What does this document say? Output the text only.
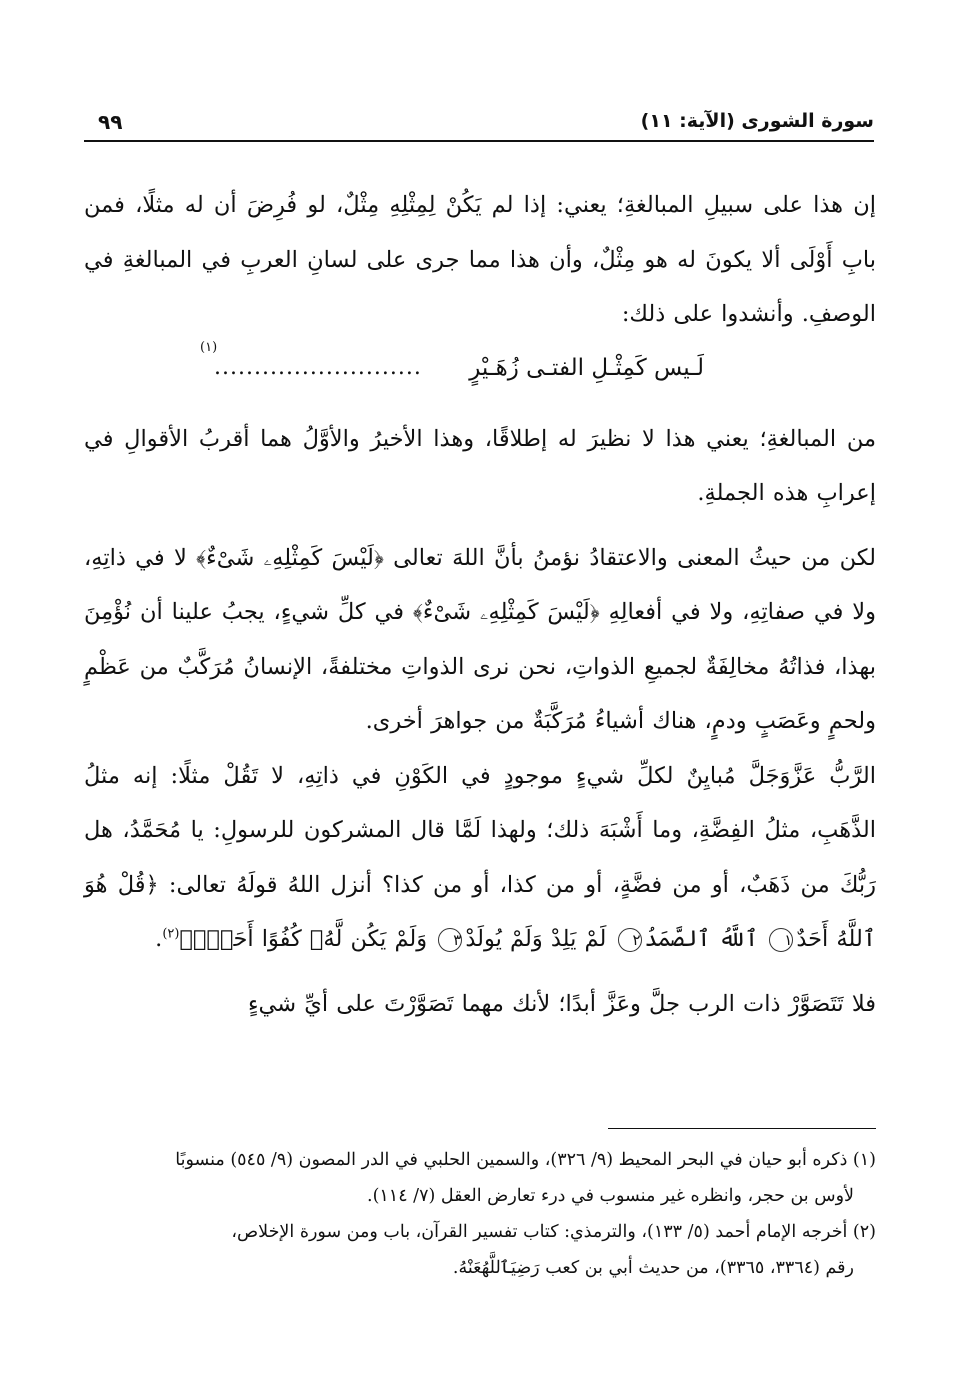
سورة الشورى (الآية: ١١)
٩٩

إن هذا على سبيلِ المبالغةِ؛ يعني: إذا لم يَكُنْ لِمِثْلِهِ مِثْلٌ، لو فُرِضَ أن له مثلًا، فمن بابِ أَوْلَى ألا يكونَ له هو مِثْلٌ، وأن هذا مما جرى على لسانِ العربِ في المبالغةِ في الوصفِ. وأنشدوا على ذلك:

لَـيس كَمِثْـلِ الفتـى زُهَـيْرٍ
..........................
(١)

من المبالغةِ؛ يعني هذا لا نظيرَ له إطلاقًا، وهذا الأخيرُ والأوَّلُ هما أقربُ الأقوالِ في إعرابِ هذه الجملةِ.

لكن من حيثُ المعنى والاعتقادُ نؤمنُ بأنَّ اللهَ تعالى ﴿لَيْسَ كَمِثْلِهِۦ شَىْءٌ﴾ لا في ذاتِهِ، ولا في صفاتِهِ، ولا في أفعالِهِ ﴿لَيْسَ كَمِثْلِهِۦ شَىْءٌ﴾ في كلِّ شيءٍ، يجبُ علينا أن نُؤْمِنَ بهذا، فذاتُهُ مخالِفَةٌ لجميعِ الذواتِ، نحن نرى الذواتِ مختلفةً، الإنسانُ مُرَكَّبٌ من عَظْمٍ ولحمٍ وعَصَبٍ ودمٍ، هناك أشياءُ مُرَكَّبَةٌ من جواهرَ أخرى.

الرَّبُّ عَزَّوَجَلَّ مُبايِنٌ لكلِّ شيءٍ موجودٍ في الكَوْنِ في ذاتِهِ، لا تَقُلْ مثلًا: إنه مثلُ الذَّهَبِ، مثلُ الفِضَّةِ، وما أَشْبَهَ ذلك؛ ولهذا لَمَّا قال المشركون للرسولِ: يا مُحَمَّدُ، هل رَبُّكَ من ذَهَبٌ، أو من فضَّةٍ، أو من كذا، أو من كذا؟ أنزل اللهُ قولَهُ تعالى: ﴿قُلْ هُوَ ٱللَّهُ أَحَدٌ١ ٱللَّهُ ٱلصَّمَدُ٢ لَمْ يَلِدْ وَلَمْ يُولَدْ٣ وَلَمْ يَكُن لَّهُۥ كُفُوًا أَحَدٌۢ﴾$^{(٢)}$.

فلا تَتَصَوَّرْ ذات الرب جلَّ وعَزَّ أبدًا؛ لأنك مهما تَصَوَّرْتَ على أيِّ شيءٍ

(١) ذكره أبو حيان في البحر المحيط (٩/ ٣٢٦)، والسمين الحلبي في الدر المصون (٩/ ٥٤٥) منسوبًا
لأوس بن حجر، وانظره غير منسوب في درء تعارض العقل (٧/ ١١٤).

(٢) أخرجه الإمام أحمد (٥/ ١٣٣)، والترمذي: كتاب تفسير القرآن، باب ومن سورة الإخلاص،
رقم (٣٣٦٤، ٣٣٦٥)، من حديث أبي بن كعب رَضِيَٱللَّهُعَنْهُ.
